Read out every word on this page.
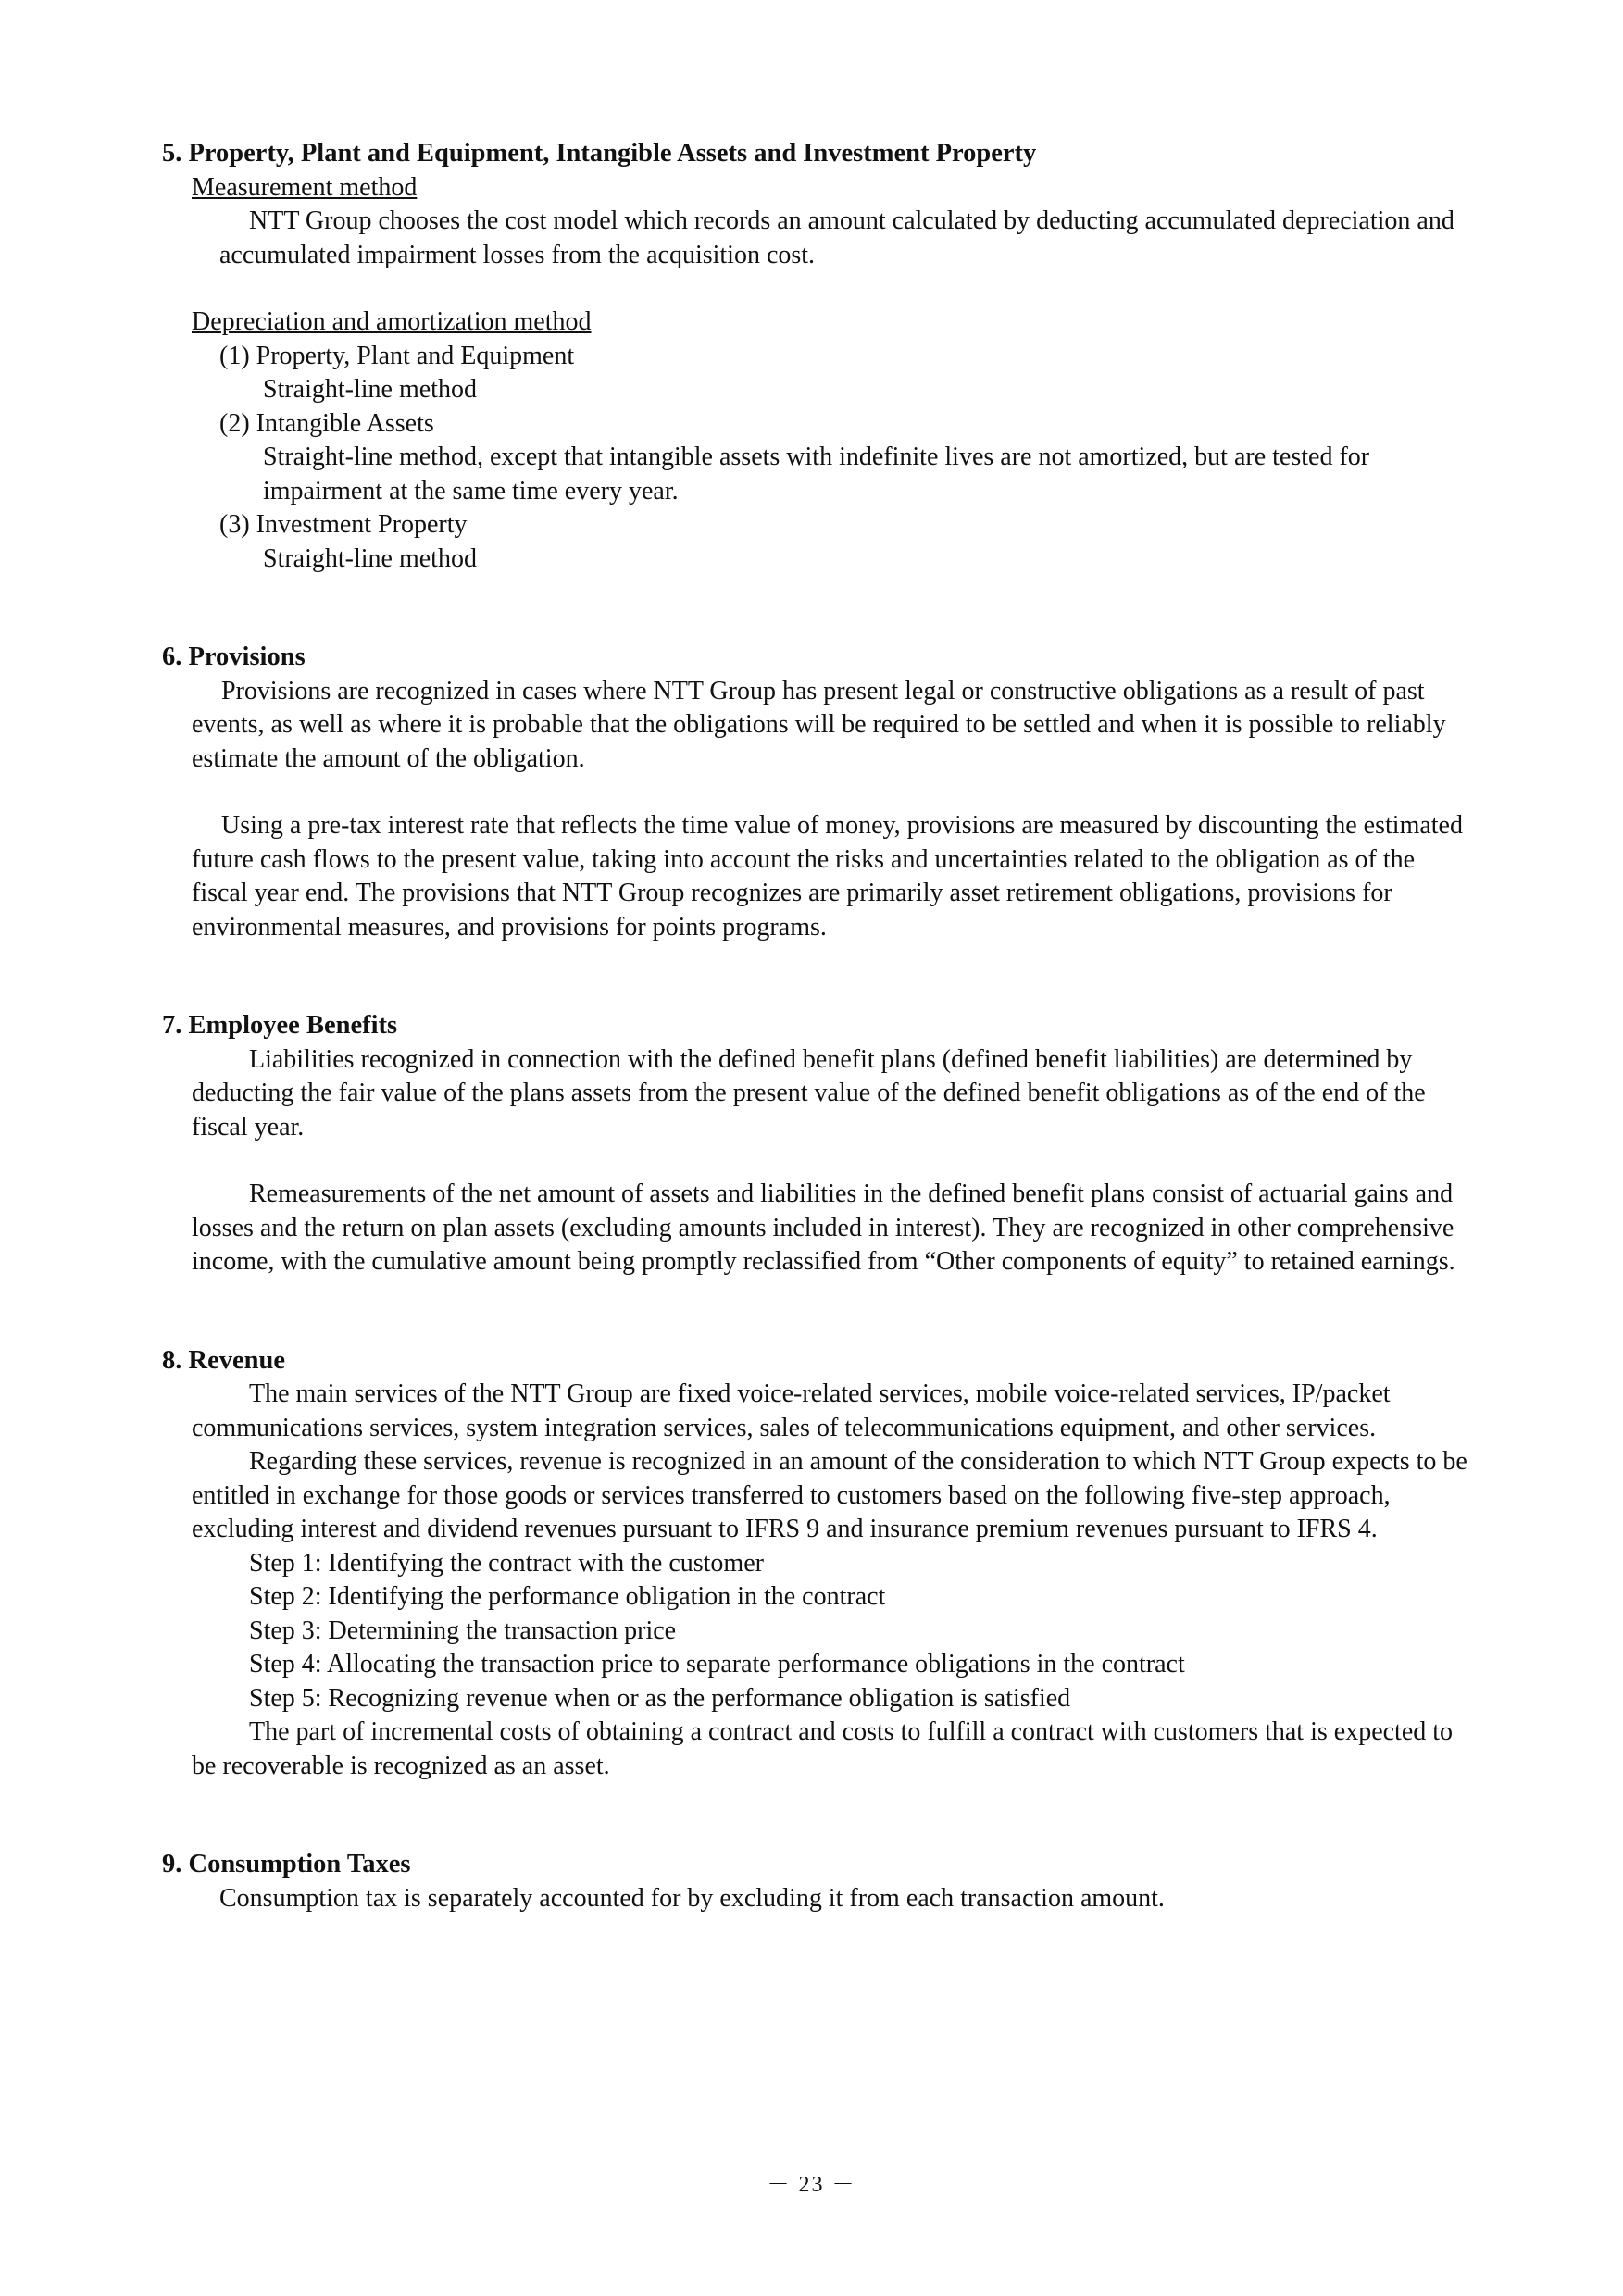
5. Property, Plant and Equipment, Intangible Assets and Investment Property
Measurement method

NTT Group chooses the cost model which records an amount calculated by deducting accumulated depreciation and accumulated impairment losses from the acquisition cost.

Depreciation and amortization method
(1) Property, Plant and Equipment
Straight-line method
(2) Intangible Assets
Straight-line method, except that intangible assets with indefinite lives are not amortized, but are tested for impairment at the same time every year.
(3) Investment Property
Straight-line method
6. Provisions

Provisions are recognized in cases where NTT Group has present legal or constructive obligations as a result of past events, as well as where it is probable that the obligations will be required to be settled and when it is possible to reliably estimate the amount of the obligation.

Using a pre-tax interest rate that reflects the time value of money, provisions are measured by discounting the estimated future cash flows to the present value, taking into account the risks and uncertainties related to the obligation as of the fiscal year end. The provisions that NTT Group recognizes are primarily asset retirement obligations, provisions for environmental measures, and provisions for points programs.

7. Employee Benefits

Liabilities recognized in connection with the defined benefit plans (defined benefit liabilities) are determined by deducting the fair value of the plans assets from the present value of the defined benefit obligations as of the end of the fiscal year.

Remeasurements of the net amount of assets and liabilities in the defined benefit plans consist of actuarial gains and losses and the return on plan assets (excluding amounts included in interest). They are recognized in other comprehensive income, with the cumulative amount being promptly reclassified from “Other components of equity” to retained earnings.

8. Revenue

The main services of the NTT Group are fixed voice-related services, mobile voice-related services, IP/packet communications services, system integration services, sales of telecommunications equipment, and other services.

Regarding these services, revenue is recognized in an amount of the consideration to which NTT Group expects to be entitled in exchange for those goods or services transferred to customers based on the following five-step approach, excluding interest and dividend revenues pursuant to IFRS 9 and insurance premium revenues pursuant to IFRS 4.

Step 1: Identifying the contract with the customer
Step 2: Identifying the performance obligation in the contract
Step 3: Determining the transaction price
Step 4: Allocating the transaction price to separate performance obligations in the contract
Step 5: Recognizing revenue when or as the performance obligation is satisfied

The part of incremental costs of obtaining a contract and costs to fulfill a contract with customers that is expected to be recoverable is recognized as an asset.

9. Consumption Taxes

Consumption tax is separately accounted for by excluding it from each transaction amount.

－ 23 －
